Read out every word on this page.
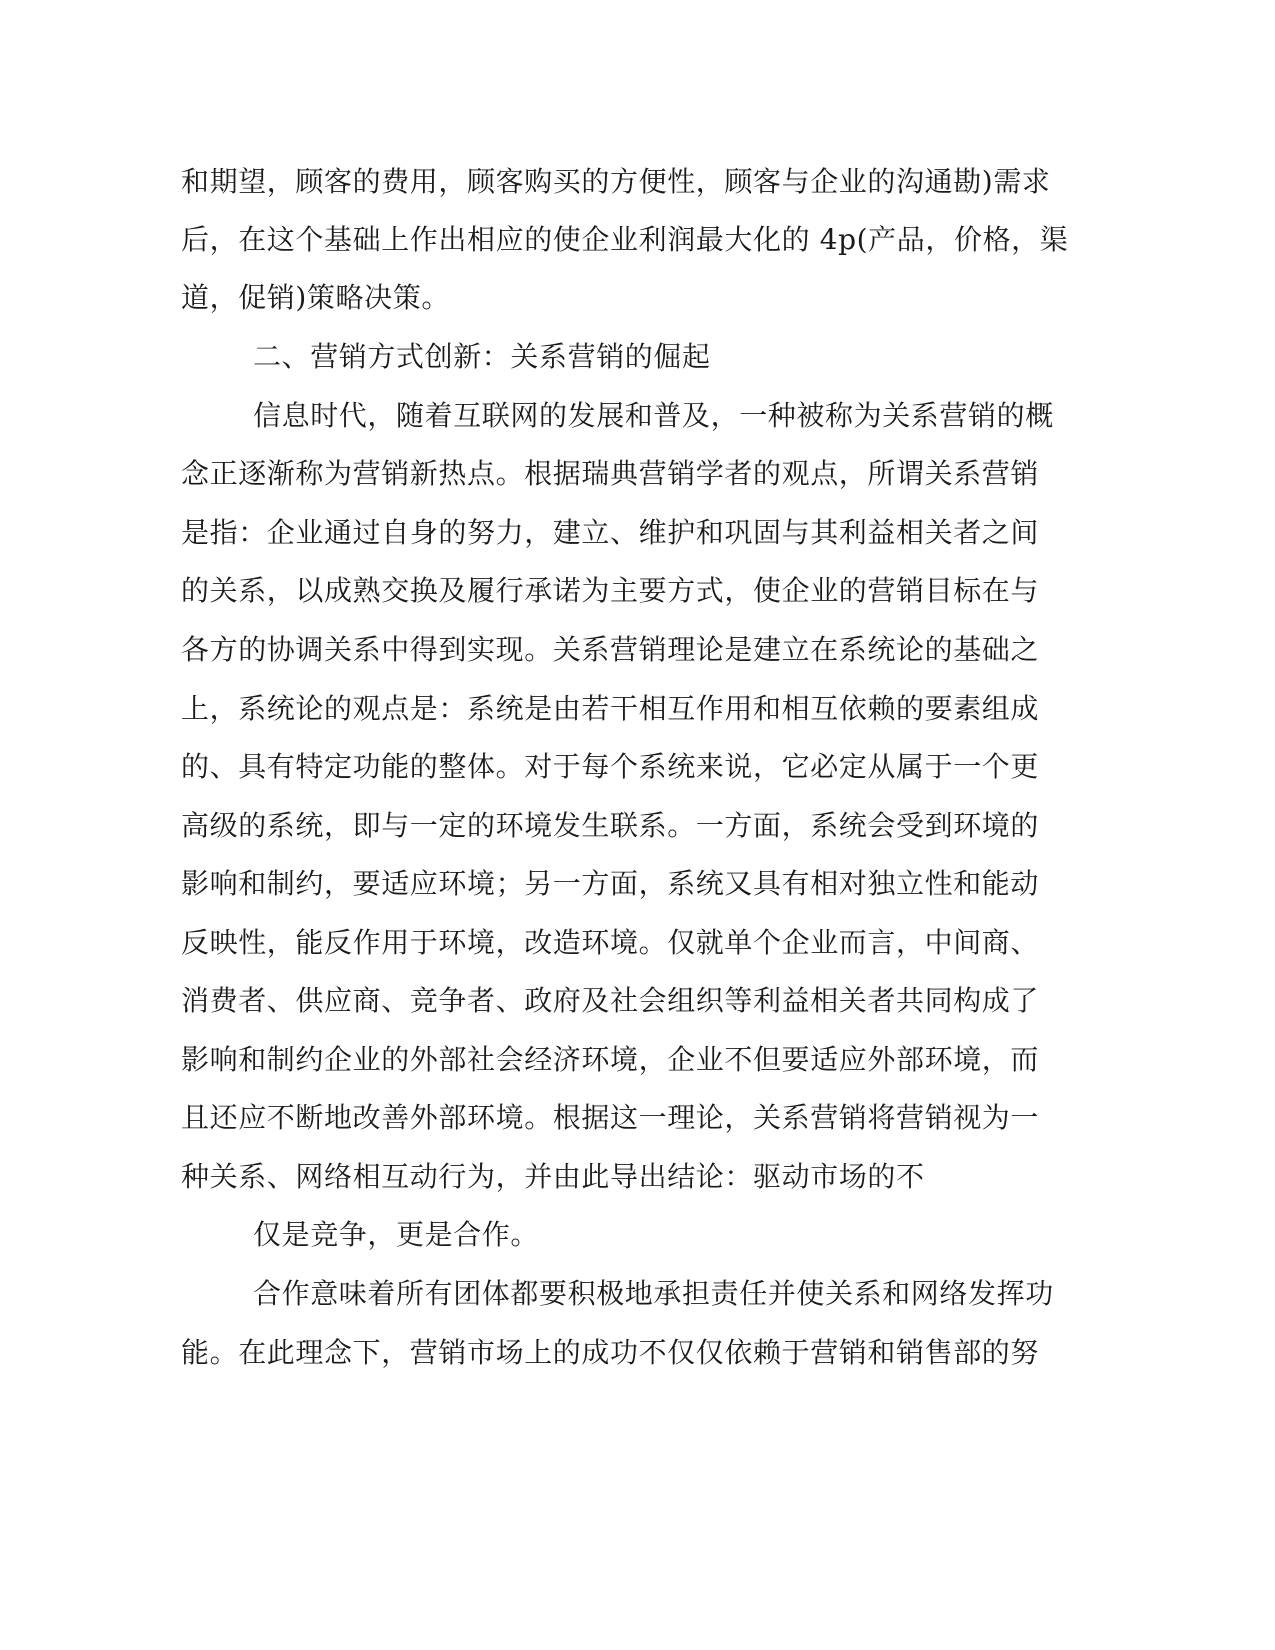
和期望，顾客的费用，顾客购买的方便性，顾客与企业的沟通勘)需求
后，在这个基础上作出相应的使企业利润最大化的 4p(产品，价格，渠
道，促销)策略决策。
二、营销方式创新：关系营销的倔起
信息时代，随着互联网的发展和普及，一种被称为关系营销的概
念正逐渐称为营销新热点。根据瑞典营销学者的观点，所谓关系营销
是指：企业通过自身的努力，建立、维护和巩固与其利益相关者之间
的关系，以成熟交换及履行承诺为主要方式，使企业的营销目标在与
各方的协调关系中得到实现。关系营销理论是建立在系统论的基础之
上，系统论的观点是：系统是由若干相互作用和相互依赖的要素组成
的、具有特定功能的整体。对于每个系统来说，它必定从属于一个更
高级的系统，即与一定的环境发生联系。一方面，系统会受到环境的
影响和制约，要适应环境；另一方面，系统又具有相对独立性和能动
反映性，能反作用于环境，改造环境。仅就单个企业而言，中间商、
消费者、供应商、竞争者、政府及社会组织等利益相关者共同构成了
影响和制约企业的外部社会经济环境，企业不但要适应外部环境，而
且还应不断地改善外部环境。根据这一理论，关系营销将营销视为一
种关系、网络相互动行为，并由此导出结论：驱动市场的不
仅是竞争，更是合作。
合作意味着所有团体都要积极地承担责任并使关系和网络发挥功
能。在此理念下，营销市场上的成功不仅仅依赖于营销和销售部的努
